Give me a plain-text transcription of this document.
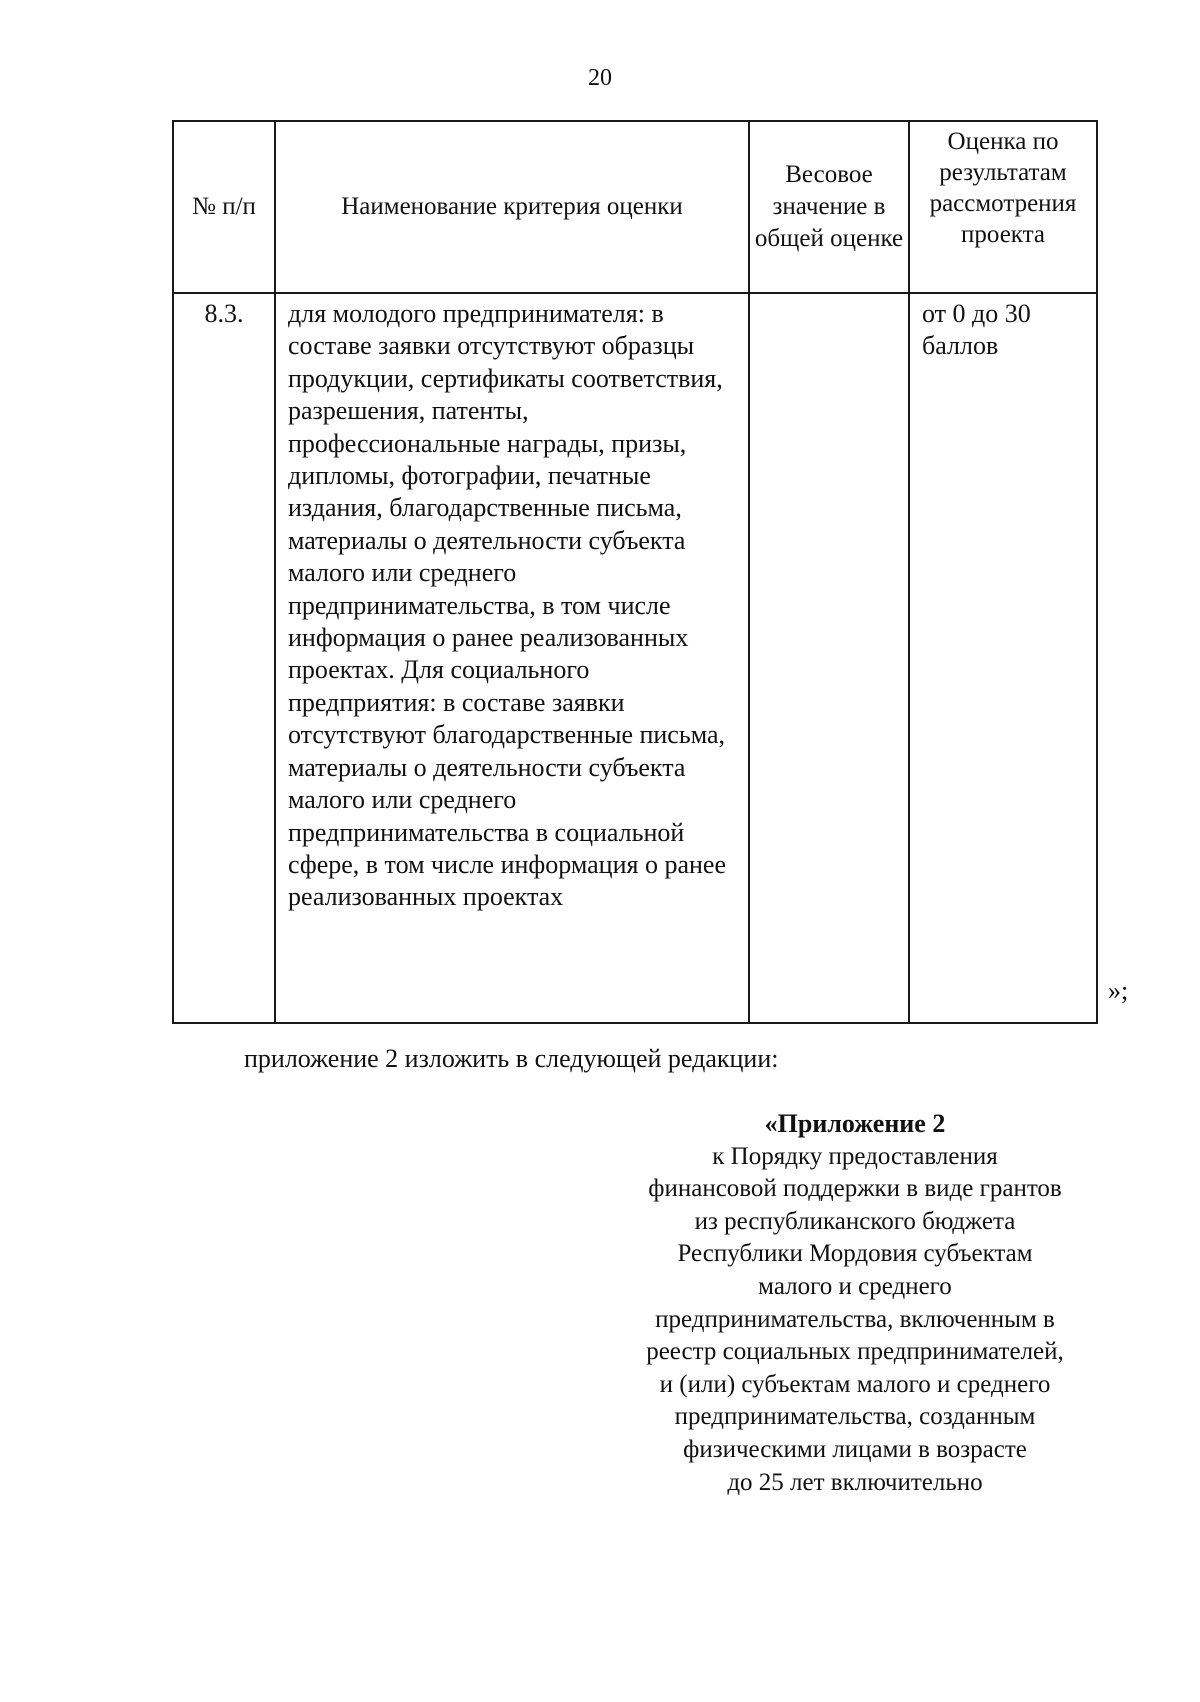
20
№ п/п	Наименование критерия оценки	Весовое значение в общей оценке	Оценка по результатам рассмотрения проекта

8.3.	для молодого предпринимателя: в составе заявки отсутствуют образцы продукции, сертификаты соответствия, разрешения, патенты, профессиональные награды, призы, дипломы, фотографии, печатные издания, благодарственные письма, материалы о деятельности субъекта малого или среднего предпринимательства, в том числе информация о ранее реализованных проектах. Для социального предприятия: в составе заявки отсутствуют благодарственные письма, материалы о деятельности субъекта малого или среднего предпринимательства в социальной сфере, в том числе информация о ранее реализованных проектах		от 0 до 30 баллов
»;
приложение 2 изложить в следующей редакции:
«Приложение 2
к Порядку предоставления
финансовой поддержки в виде грантов
из республиканского бюджета
Республики Мордовия субъектам
малого и среднего
предпринимательства, включенным в
реестр социальных предпринимателей,
и (или) субъектам малого и среднего
предпринимательства, созданным
физическими лицами в возрасте
до 25 лет включительно
